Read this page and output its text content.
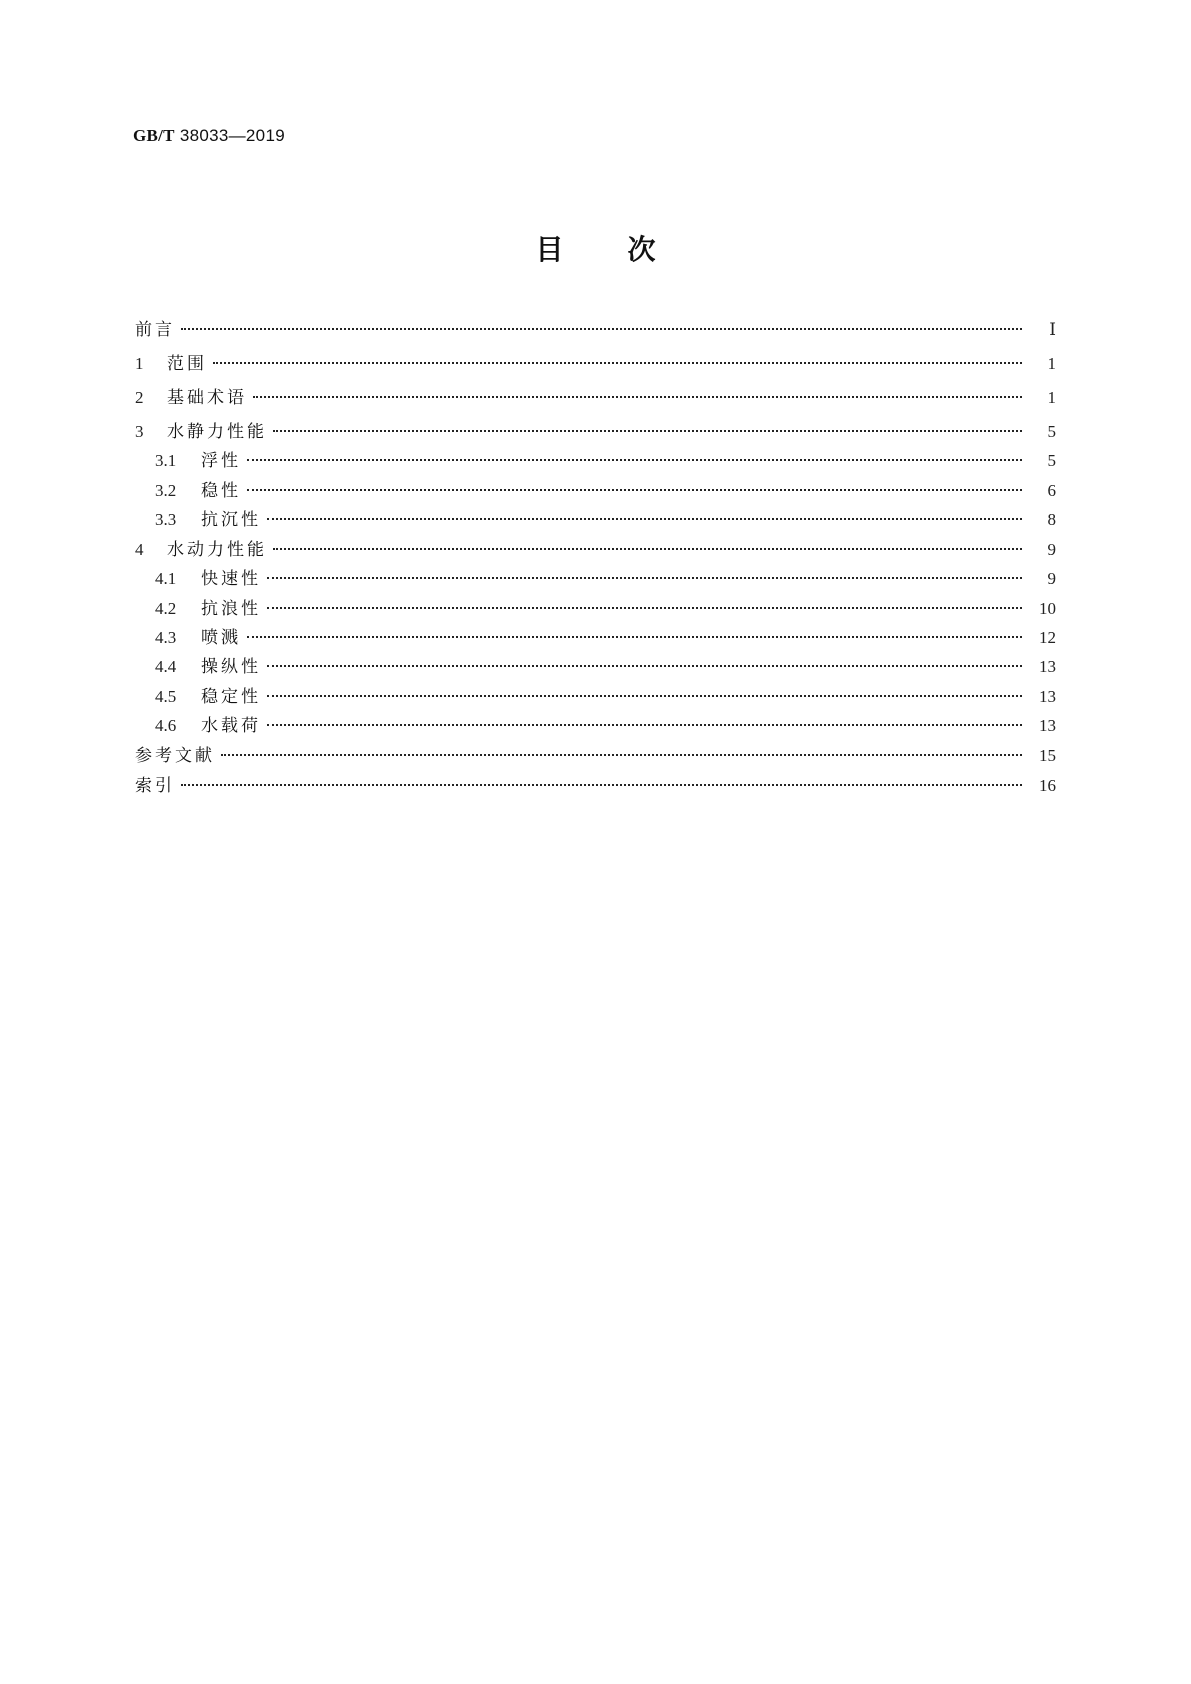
GB/T 38033—2019
目次
前言	Ⅰ
1	范围	1
2	基础术语	1
3	水静力性能	5
3.1	浮性	5
3.2	稳性	6
3.3	抗沉性	8
4	水动力性能	9
4.1	快速性	9
4.2	抗浪性	10
4.3	喷溅	12
4.4	操纵性	13
4.5	稳定性	13
4.6	水载荷	13
参考文献	15
索引	16
